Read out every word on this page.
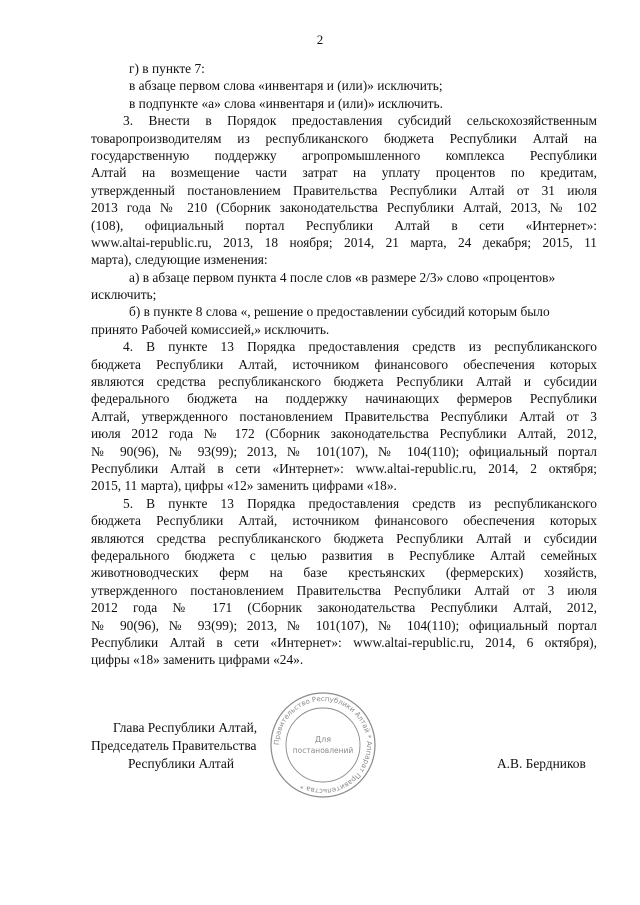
2
г) в пункте 7:
в абзаце первом слова «инвентаря и (или)» исключить;
в подпункте «а» слова «инвентаря и (или)» исключить.
3. Внести в Порядок предоставления субсидий сельскохозяйственным
товаропроизводителям из республиканского бюджета Республики Алтай на
государственную поддержку агропромышленного комплекса Республики
Алтай на возмещение части затрат на уплату процентов по кредитам,
утвержденный постановлением Правительства Республики Алтай от 31 июля
2013 года № 210 (Сборник законодательства Республики Алтай, 2013, № 102
(108), официальный портал Республики Алтай в сети «Интернет»:
www.altai-republic.ru, 2013, 18 ноября; 2014, 21 марта, 24 декабря; 2015, 11
марта), следующие изменения:
а) в абзаце первом пункта 4 после слов «в размере 2/3» слово «процентов»
исключить;
б) в пункте 8 слова «, решение о предоставлении субсидий которым было
принято Рабочей комиссией,» исключить.
4. В пункте 13 Порядка предоставления средств из республиканского
бюджета Республики Алтай, источником финансового обеспечения которых
являются средства республиканского бюджета Республики Алтай и субсидии
федерального бюджета на поддержку начинающих фермеров Республики
Алтай, утвержденного постановлением Правительства Республики Алтай от 3
июля 2012 года № 172 (Сборник законодательства Республики Алтай, 2012,
№ 90(96), № 93(99); 2013, № 101(107), № 104(110); официальный портал
Республики Алтай в сети «Интернет»: www.altai-republic.ru, 2014, 2 октября;
2015, 11 марта), цифры «12» заменить цифрами «18».
5. В пункте 13 Порядка предоставления средств из республиканского
бюджета Республики Алтай, источником финансового обеспечения которых
являются средства республиканского бюджета Республики Алтай и субсидии
федерального бюджета с целью развития в Республике Алтай семейных
животноводческих ферм на базе крестьянских (фермерских) хозяйств,
утвержденного постановлением Правительства Республики Алтай от 3 июля
2012 года № 171 (Сборник законодательства Республики Алтай, 2012,
№ 90(96), № 93(99); 2013, № 101(107), № 104(110); официальный портал
Республики Алтай в сети «Интернет»: www.altai-republic.ru, 2014, 6 октября),
цифры «18» заменить цифрами «24».
Глава Республики Алтай,
Председатель Правительства
Республики Алтай	А.В. Бердников
Правительство Республики Алтай * Аппарат Правительства *
Для
постановлений
